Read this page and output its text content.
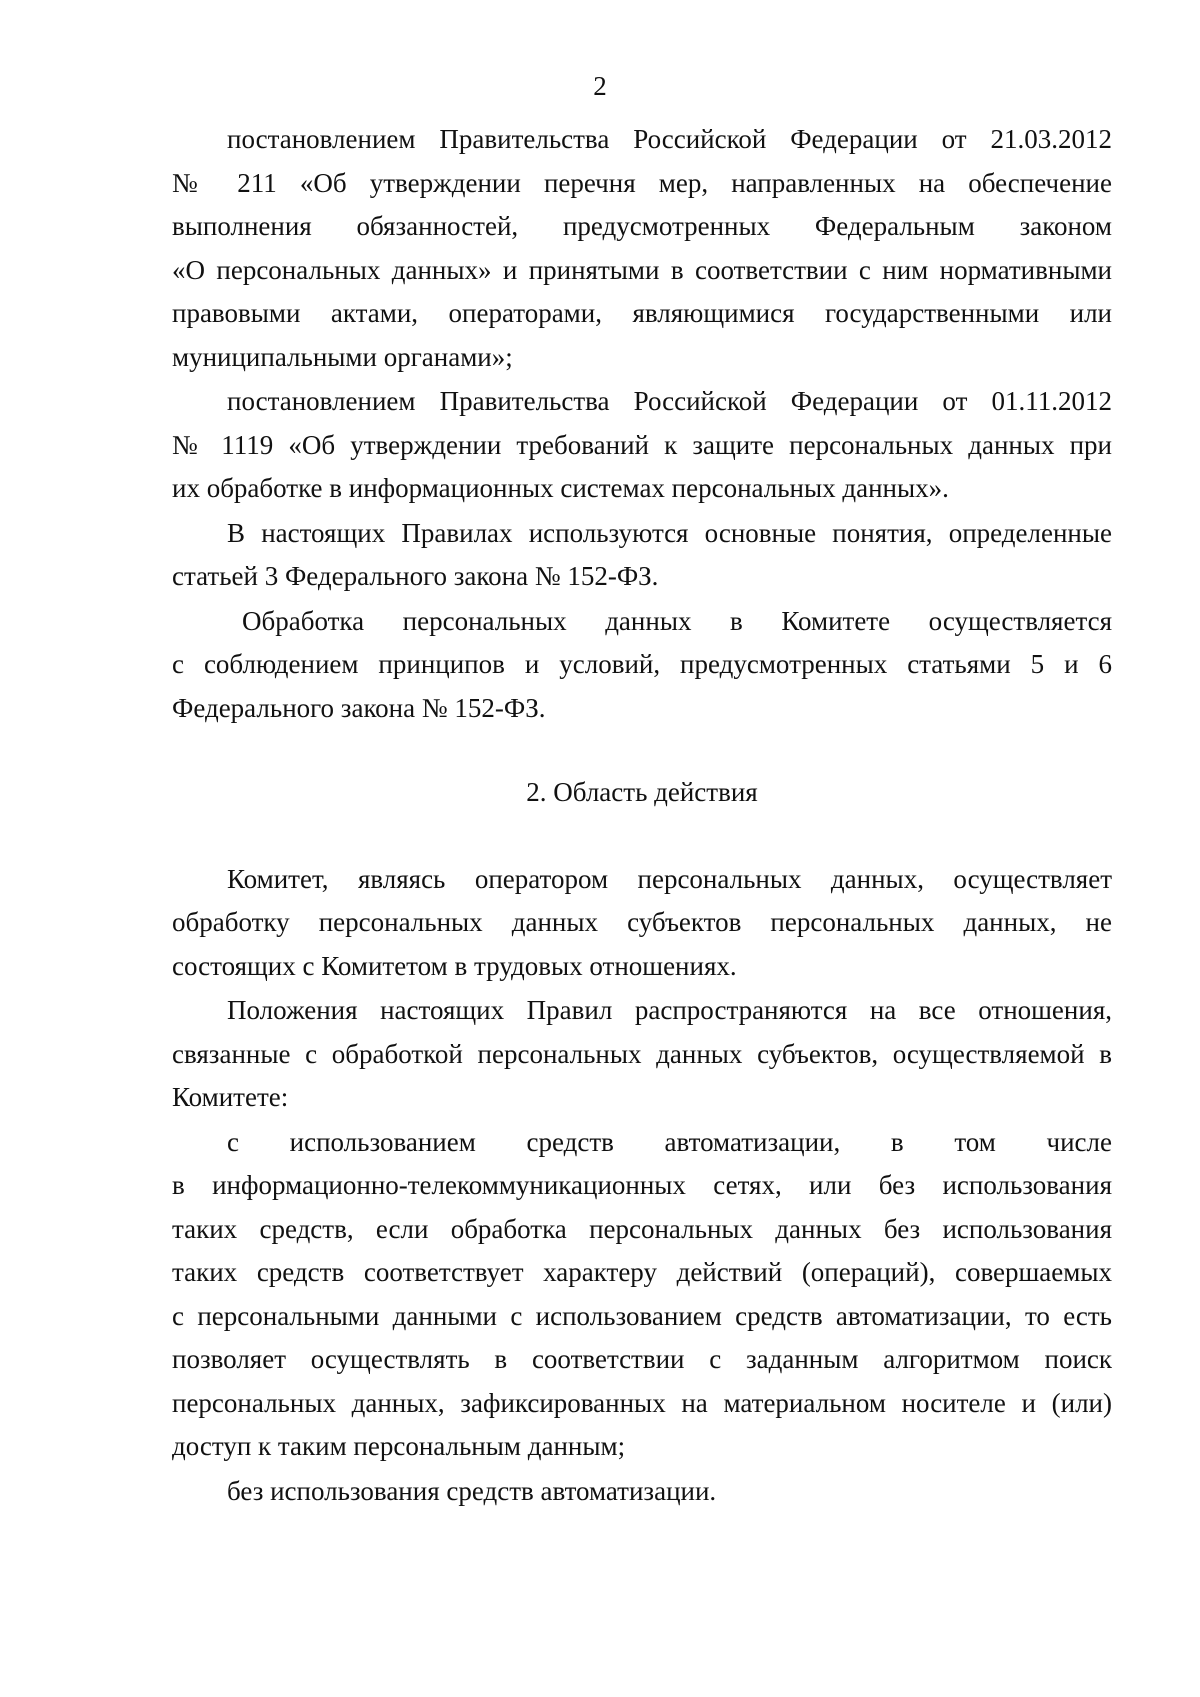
2

постановлением Правительства Российской Федерации от 21.03.2012
№ 211 «Об утверждении перечня мер, направленных на обеспечение
выполнения обязанностей, предусмотренных Федеральным законом
«О персональных данных» и принятыми в соответствии с ним нормативными
правовыми актами, операторами, являющимися государственными или
муниципальными органами»;

постановлением Правительства Российской Федерации от 01.11.2012
№ 1119 «Об утверждении требований к защите персональных данных при
их обработке в информационных системах персональных данных».

В настоящих Правилах используются основные понятия, определенные
статьей 3 Федерального закона № 152-ФЗ.

Обработка персональных данных в Комитете осуществляется
с соблюдением принципов и условий, предусмотренных статьями 5 и 6
Федерального закона № 152-ФЗ.

2. Область действия

Комитет, являясь оператором персональных данных, осуществляет
обработку персональных данных субъектов персональных данных, не
состоящих с Комитетом в трудовых отношениях.

Положения настоящих Правил распространяются на все отношения,
связанные с обработкой персональных данных субъектов, осуществляемой в
Комитете:

с использованием средств автоматизации, в том числе
в информационно-телекоммуникационных сетях, или без использования
таких средств, если обработка персональных данных без использования
таких средств соответствует характеру действий (операций), совершаемых
с персональными данными с использованием средств автоматизации, то есть
позволяет осуществлять в соответствии с заданным алгоритмом поиск
персональных данных, зафиксированных на материальном носителе и (или)
доступ к таким персональным данным;

без использования средств автоматизации.
